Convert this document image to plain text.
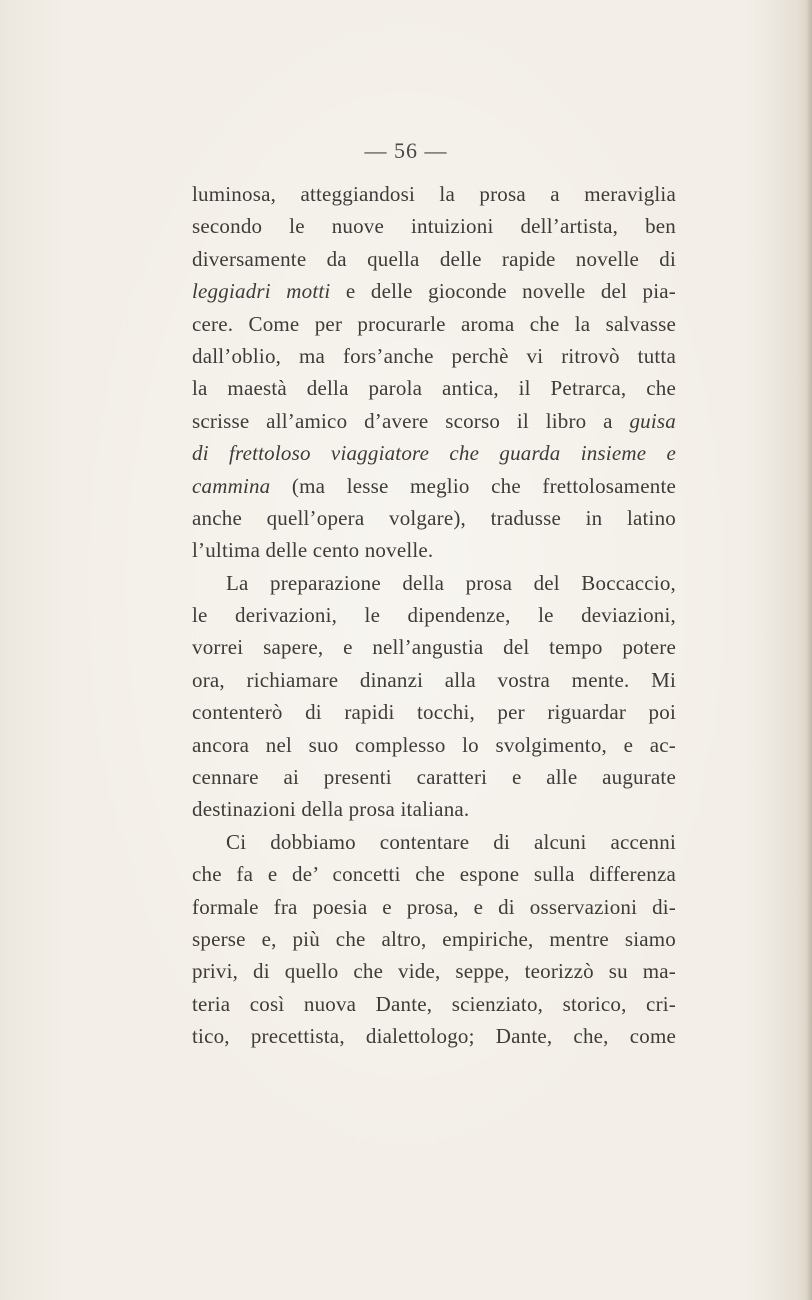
— 56 —
luminosa, atteggiandosi la prosa a meraviglia
secondo le nuove intuizioni dell’artista, ben
diversamente da quella delle rapide novelle di
leggiadri motti e delle gioconde novelle del pia-
cere. Come per procurarle aroma che la salvasse
dall’oblio, ma fors’anche perchè vi ritrovò tutta
la maestà della parola antica, il Petrarca, che
scrisse all’amico d’avere scorso il libro a guisa
di frettoloso viaggiatore che guarda insieme e
cammina (ma lesse meglio che frettolosamente
anche quell’opera volgare), tradusse in latino
l’ultima delle cento novelle.
La preparazione della prosa del Boccaccio,
le derivazioni, le dipendenze, le deviazioni,
vorrei sapere, e nell’angustia del tempo potere
ora, richiamare dinanzi alla vostra mente. Mi
contenterò di rapidi tocchi, per riguardar poi
ancora nel suo complesso lo svolgimento, e ac-
cennare ai presenti caratteri e alle augurate
destinazioni della prosa italiana.
Ci dobbiamo contentare di alcuni accenni
che fa e de’ concetti che espone sulla differenza
formale fra poesia e prosa, e di osservazioni di-
sperse e, più che altro, empiriche, mentre siamo
privi, di quello che vide, seppe, teorizzò su ma-
teria così nuova Dante, scienziato, storico, cri-
tico, precettista, dialettologo; Dante, che, come
